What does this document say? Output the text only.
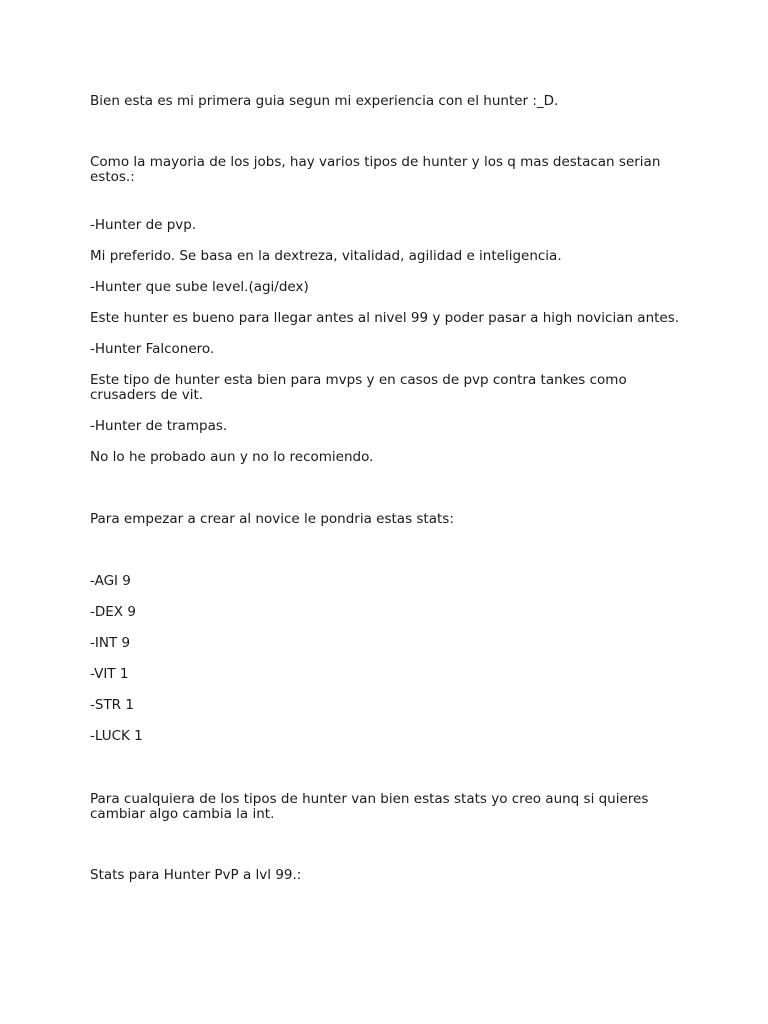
Bien esta es mi primera guia segun mi experiencia con el hunter :_D.

Como la mayoria de los jobs, hay varios tipos de hunter y los q mas destacan serian estos.:

-Hunter de pvp.

Mi preferido. Se basa en la dextreza, vitalidad, agilidad e inteligencia.

-Hunter que sube level.(agi/dex)

Este hunter es bueno para llegar antes al nivel 99 y poder pasar a high novician antes.

-Hunter Falconero.

Este tipo de hunter esta bien para mvps y en casos de pvp contra tankes como crusaders de vit.

-Hunter de trampas.

No lo he probado aun y no lo recomiendo.

Para empezar a crear al novice le pondria estas stats:

-AGI 9

-DEX 9

-INT 9

-VIT 1

-STR 1

-LUCK 1

Para cualquiera de los tipos de hunter van bien estas stats yo creo aunq si quieres cambiar algo cambia la int.

Stats para Hunter PvP a lvl 99.:
